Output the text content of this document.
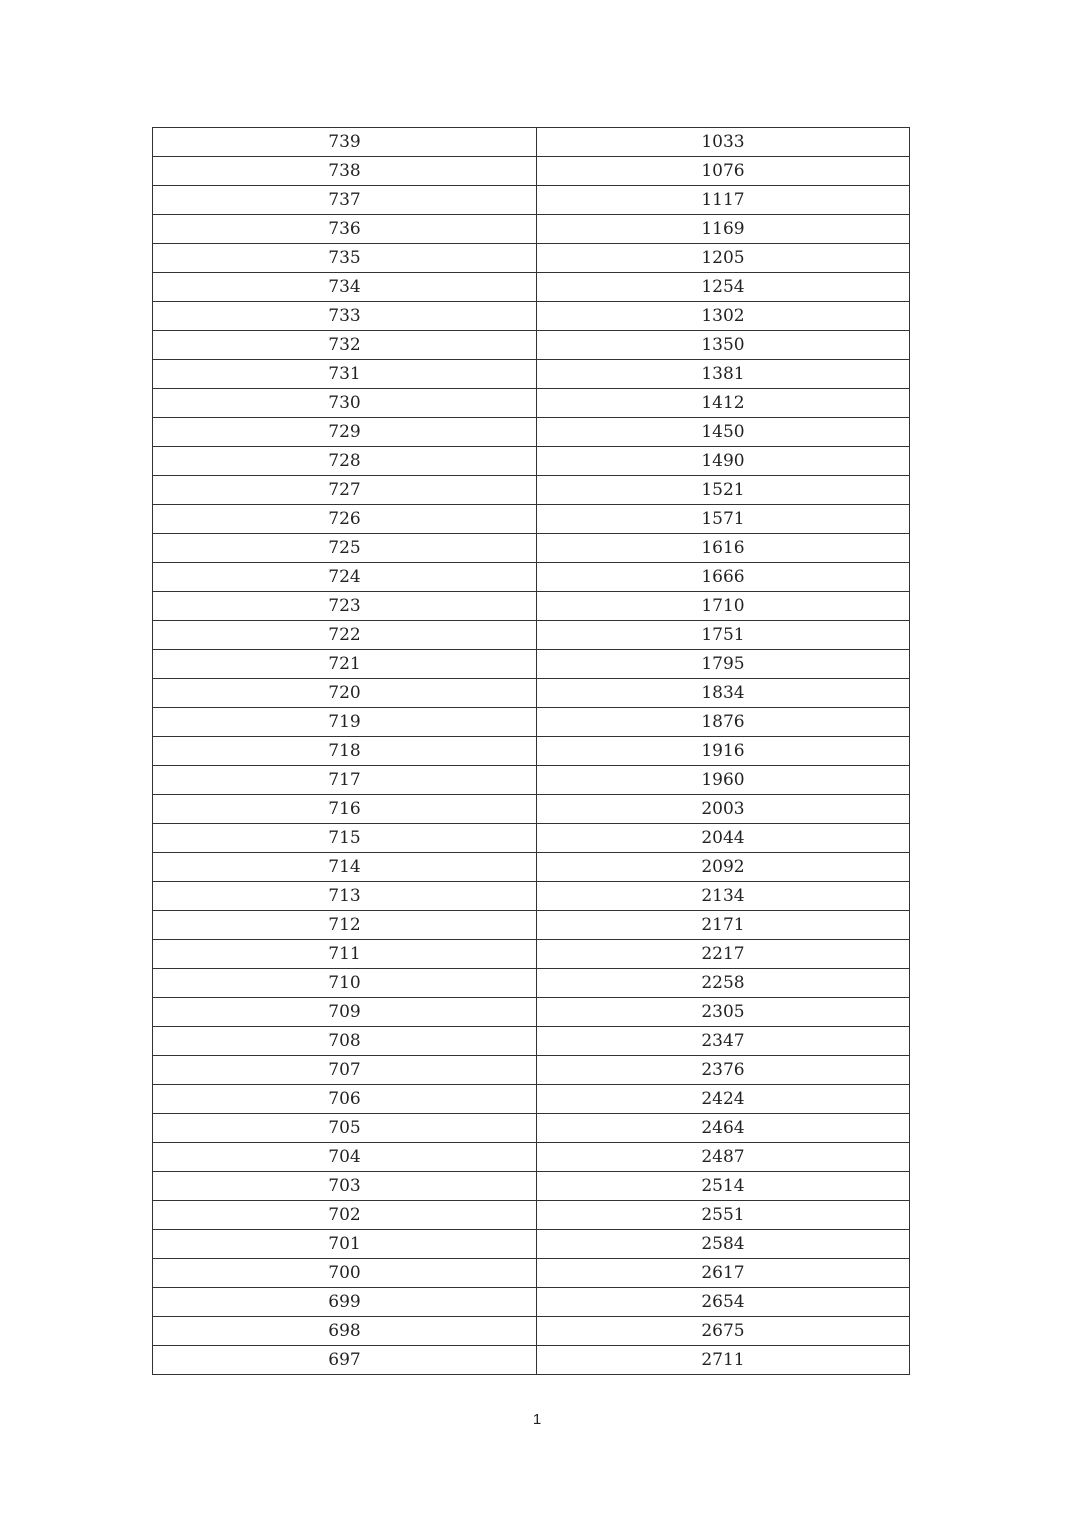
739	1033
738	1076
737	1117
736	1169
735	1205
734	1254
733	1302
732	1350
731	1381
730	1412
729	1450
728	1490
727	1521
726	1571
725	1616
724	1666
723	1710
722	1751
721	1795
720	1834
719	1876
718	1916
717	1960
716	2003
715	2044
714	2092
713	2134
712	2171
711	2217
710	2258
709	2305
708	2347
707	2376
706	2424
705	2464
704	2487
703	2514
702	2551
701	2584
700	2617
699	2654
698	2675
697	2711
1
